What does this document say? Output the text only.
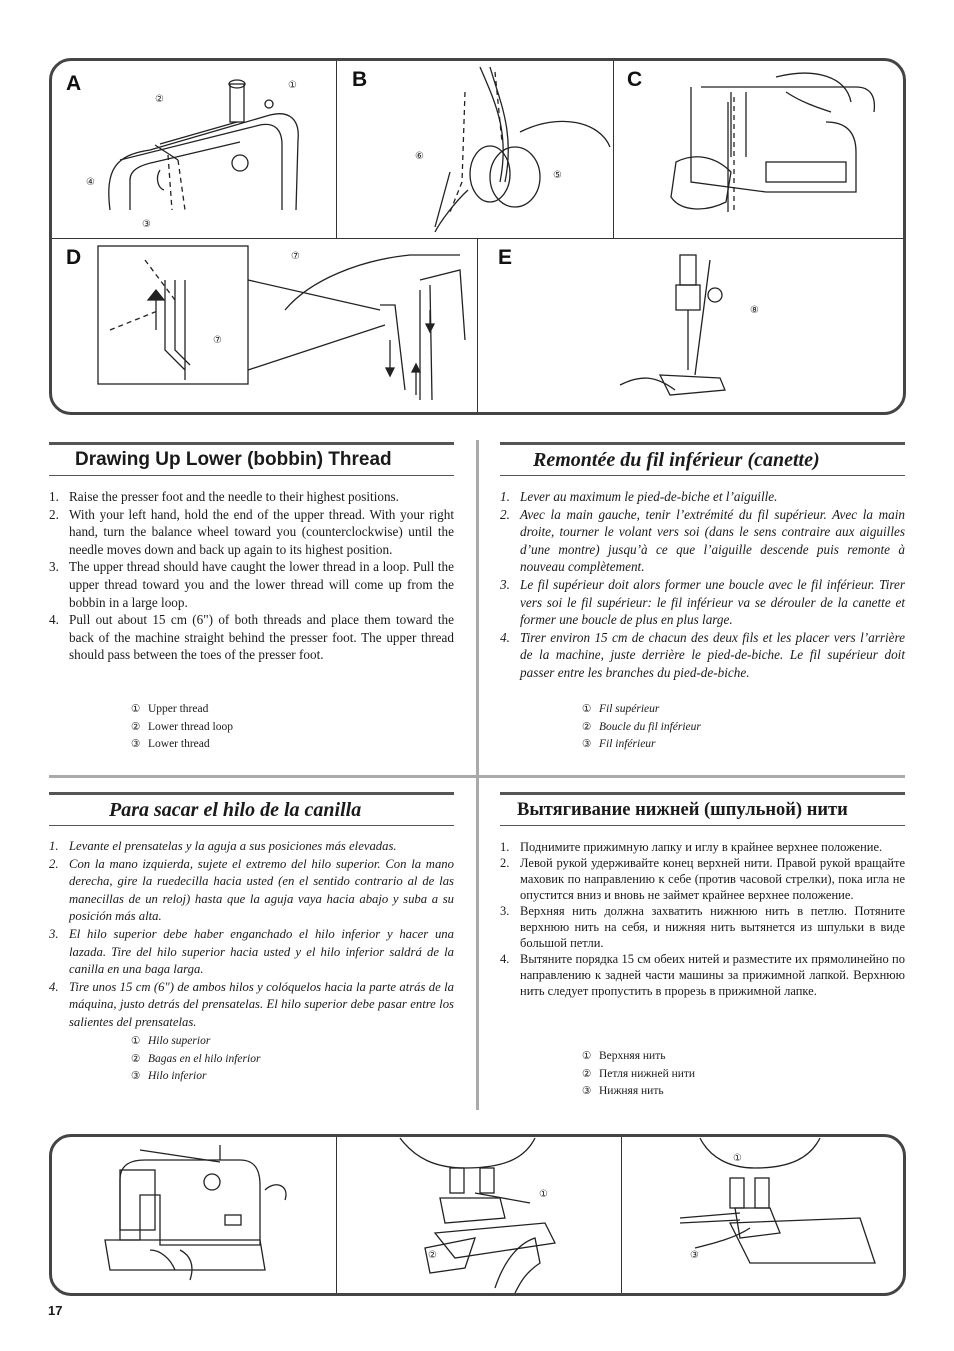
A	B	C
D	E
①
②
④
③
⑥
⑤
⑦
⑦
⑧
Drawing Up Lower (bobbin) Thread
1. Raise the presser foot and the needle to their highest positions.
2. With your left hand, hold the end of the upper thread. With your right hand, turn the balance wheel toward you (counterclockwise) until the needle moves down and back up again to its highest position.
3. The upper thread should have caught the lower thread in a loop. Pull the upper thread toward you and the lower thread will come up from the bobbin in a large loop.
4. Pull out about 15 cm (6") of both threads and place them toward the back of the machine straight behind the presser foot. The upper thread should pass between the toes of the presser foot.
① Upper thread
② Lower thread loop
③ Lower thread
Remontée du fil inférieur (canette)
1. Lever au maximum le pied-de-biche et l’aiguille.
2. Avec la main gauche, tenir l’extrémité du fil supérieur. Avec la main droite, tourner le volant vers soi (dans le sens contraire aux aiguilles d’une montre) jusqu’à ce que l’aiguille descende puis remonte à nouveau complètement.
3. Le fil supérieur doit alors former une boucle avec le fil inférieur. Tirer vers soi le fil supérieur: le fil inférieur va se dérouler de la canette et former une boucle de plus en plus large.
4. Tirer environ 15 cm de chacun des deux fils et les placer vers l’arrière de la machine, juste derrière le pied-de-biche. Le fil supérieur doit passer entre les branches du pied-de-biche.
① Fil supérieur
② Boucle du fil inférieur
③ Fil inférieur
Para sacar el hilo de la canilla
1. Levante el prensatelas y la aguja a sus posiciones más elevadas.
2. Con la mano izquierda, sujete el extremo del hilo superior. Con la mano derecha, gire la ruedecilla hacia usted (en el sentido contrario al de las manecillas de un reloj) hasta que la aguja vaya hacia abajo y suba a su posición más alta.
3. El hilo superior debe haber enganchado el hilo inferior y hacer una lazada. Tire del hilo superior hacia usted y el hilo inferior saldrá de la canilla en una baga larga.
4. Tire unos 15 cm (6") de ambos hilos y colóquelos hacia la parte atrás de la máquina, justo detrás del prensatelas. El hilo superior debe pasar entre los salientes del prensatelas.
① Hilo superior
② Bagas en el hilo inferior
③ Hilo inferior
Вытягивание нижней (шпульной) нити
1. Поднимите прижимную лапку и иглу в крайнее верхнее положение.
2. Левой рукой удерживайте конец верхней нити. Правой рукой вращайте маховик по направлению к себе (против часовой стрелки), пока игла не опустится вниз и вновь не займет крайнее верхнее положение.
3. Верхняя нить должна захватить нижнюю нить в петлю. Потяните верхнюю нить на себя, и нижняя нить вытянется из шпульки в виде большой петли.
4. Вытяните порядка 15 см обеих нитей и разместите их прямолинейно по направлению к задней части машины за прижимной лапкой. Верхнюю нить следует пропустить в прорезь в прижимной лапке.
① Верхняя нить
② Петля нижней нити
③ Нижняя нить
①
②
①
③
17
